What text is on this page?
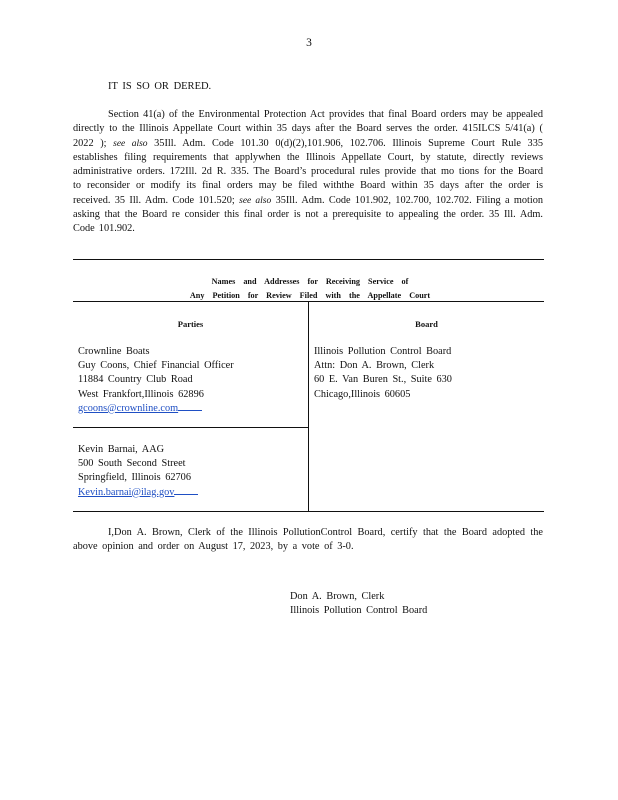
3
IT IS SO OR DERED.
Section 41(a) of the Environmental Protection Act provides that final Board orders may be appealed directly to the Illinois Appellate Court within 35 days after the Board serves the order. 415ILCS 5/41(a) ( 2022 ); see also 35Ill. Adm. Code 101.30 0(d)(2),101.906, 102.706. Illinois Supreme Court Rule 335 establishes filing requirements that applywhen the Illinois Appellate Court, by statute, directly reviews administrative orders. 172Ill. 2d R. 335. The Board’s procedural rules provide that mo tions for the Board to reconsider or modify its final orders may be filed withthe Board within 35 days after the order is received. 35 Ill. Adm. Code 101.520; see also 35Ill. Adm. Code 101.902, 102.700, 102.702. Filing a motion asking that the Board re consider this final order is not a prerequisite to appealing the order. 35 Ill. Adm. Code 101.902.
Names and Addresses for Receiving Service of
Any Petition for Review Filed with the Appellate Court
Parties	Board
Crownline Boats
Guy Coons, Chief Financial Officer
11884 Country Club Road
West Frankfort,Illinois 62896
gcoons@crownline.com
Kevin Barnai, AAG
500 South Second Street
Springfield, Illinois 62706
Kevin.barnai@ilag.gov
Illinois Pollution Control Board
Attn: Don A. Brown, Clerk
60 E. Van Buren St., Suite 630
Chicago,Illinois 60605
I,Don A. Brown, Clerk of the Illinois PollutionControl Board, certify that the Board adopted the above opinion and order on August 17, 2023, by a vote of 3-0.
Don A. Brown, Clerk
Illinois Pollution Control Board
